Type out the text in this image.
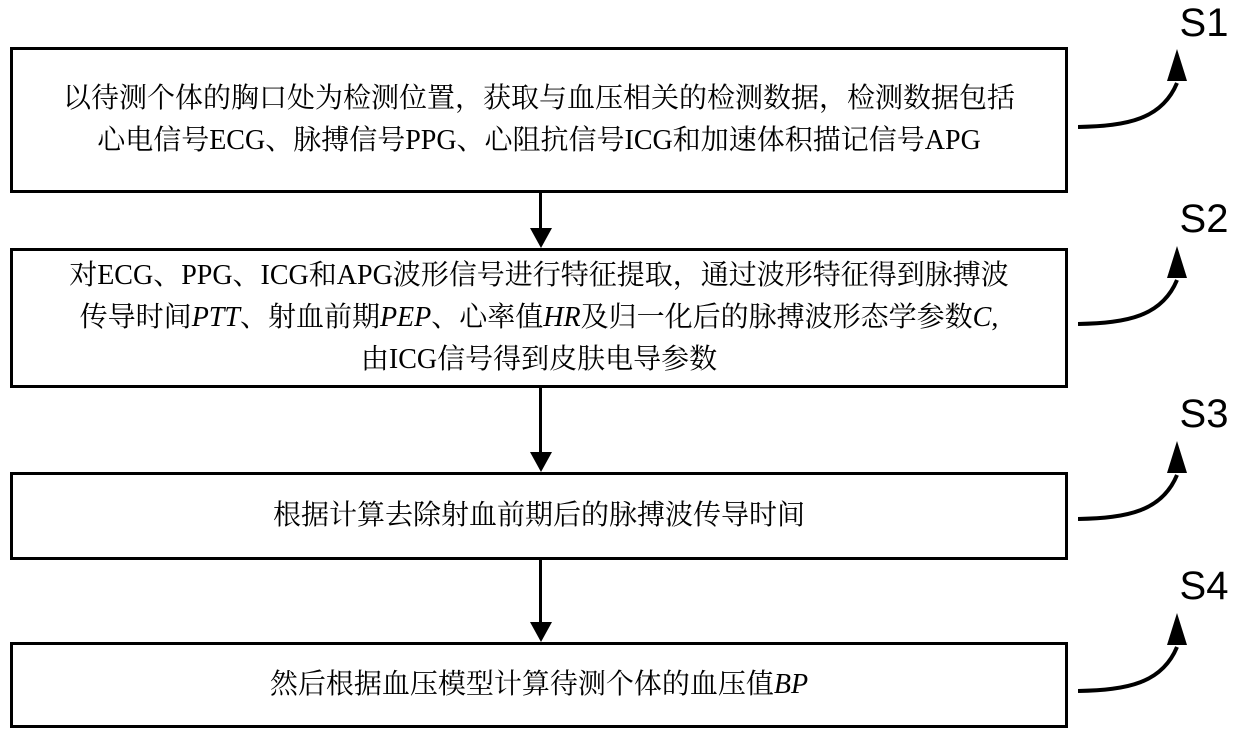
以待测个体的胸口处为检测位置，获取与血压相关的检测数据，检测数据包括
心电信号ECG、脉搏信号PPG、心阻抗信号ICG和加速体积描记信号APG
对ECG、PPG、ICG和APG波形信号进行特征提取，通过波形特征得到脉搏波
传导时间PTT、射血前期PEP、心率值HR及归一化后的脉搏波形态学参数C,
由ICG信号得到皮肤电导参数
根据计算去除射血前期后的脉搏波传导时间
然后根据血压模型计算待测个体的血压值BP
S1
S2
S3
S4
